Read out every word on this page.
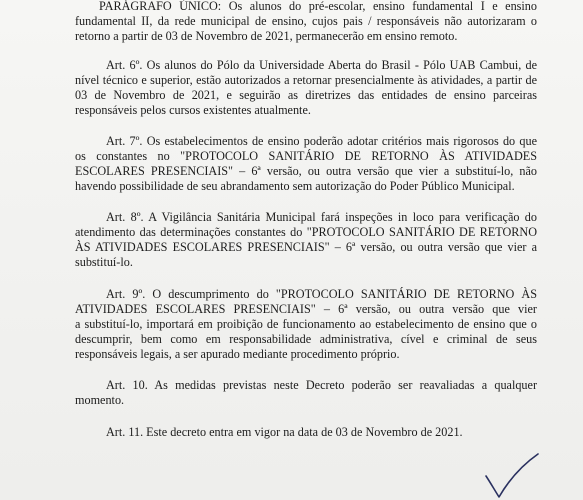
PARÁGRAFO ÚNICO: Os alunos do pré-escolar, ensino fundamental I e ensino

fundamental II, da rede municipal de ensino, cujos pais / responsáveis não autorizaram o

retorno a partir de 03 de Novembro de 2021, permanecerão em ensino remoto.

Art. 6º. Os alunos do Pólo da Universidade Aberta do Brasil - Pólo UAB Cambui, de

nível técnico e superior, estão autorizados a retornar presencialmente às atividades, a partir de

03 de Novembro de 2021, e seguirão as diretrizes das entidades de ensino parceiras

responsáveis pelos cursos existentes atualmente.

Art. 7º. Os estabelecimentos de ensino poderão adotar critérios mais rigorosos do que

os constantes no "PROTOCOLO SANITÁRIO DE RETORNO ÀS ATIVIDADES

ESCOLARES PRESENCIAIS" – 6ª versão, ou outra versão que vier a substituí-lo, não

havendo possibilidade de seu abrandamento sem autorização do Poder Público Municipal.

Art. 8º. A Vigilância Sanitária Municipal fará inspeções in loco para verificação do

atendimento das determinações constantes do "PROTOCOLO SANITÁRIO DE RETORNO

ÀS ATIVIDADES ESCOLARES PRESENCIAIS" – 6ª versão, ou outra versão que vier a

substituí-lo.

Art. 9º. O descumprimento do "PROTOCOLO SANITÁRIO DE RETORNO ÀS

ATIVIDADES ESCOLARES PRESENCIAIS" – 6ª versão, ou outra versão que vier

a substituí-lo, importará em proibição de funcionamento ao estabelecimento de ensino que o

descumprir, bem como em responsabilidade administrativa, cível e criminal de seus

responsáveis legais, a ser apurado mediante procedimento próprio.

Art. 10. As medidas previstas neste Decreto poderão ser reavaliadas a qualquer

momento.

Art. 11. Este decreto entra em vigor na data de 03 de Novembro de 2021.
